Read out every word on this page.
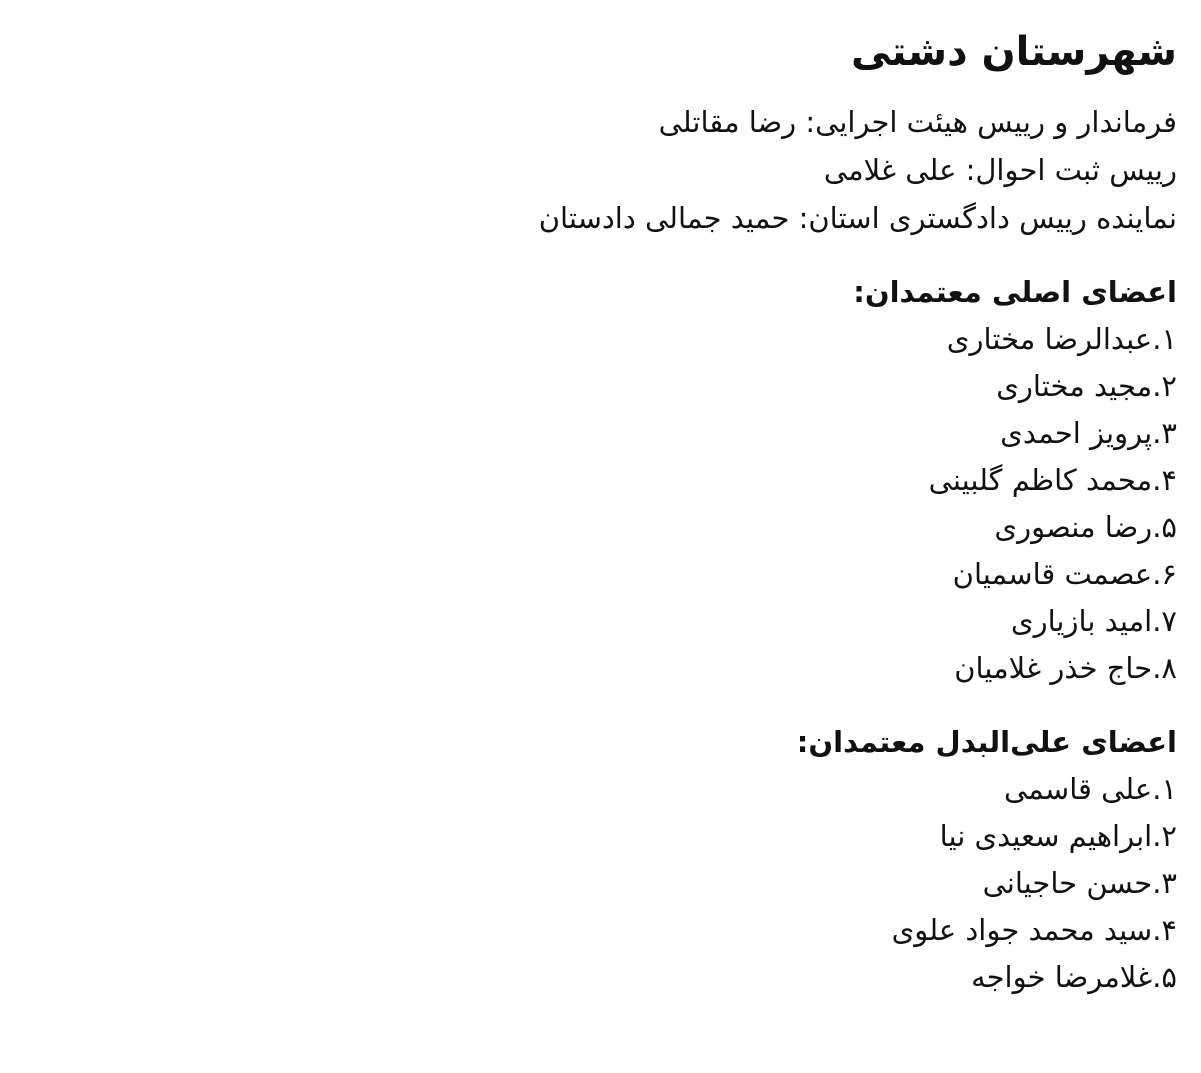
شهرستان دشتی

فرماندار و رییس هیئت اجرایی: رضا مقاتلی

رییس ثبت احوال: علی غلامی

نماینده رییس دادگستری استان: حمید جمالی دادستان

اعضای اصلی معتمدان:

۱.عبدالرضا مختاری
۲.مجید مختاری
۳.پرویز احمدی
۴.محمد کاظم گلبینی
۵.رضا منصوری
۶.عصمت قاسمیان
۷.امید بازیاری
۸.حاج خذر غلامیان

اعضای علی‌البدل معتمدان:

۱.علی قاسمی
۲.ابراهیم سعیدی نیا
۳.حسن حاجیانی
۴.سید محمد جواد علوی
۵.غلامرضا خواجه
